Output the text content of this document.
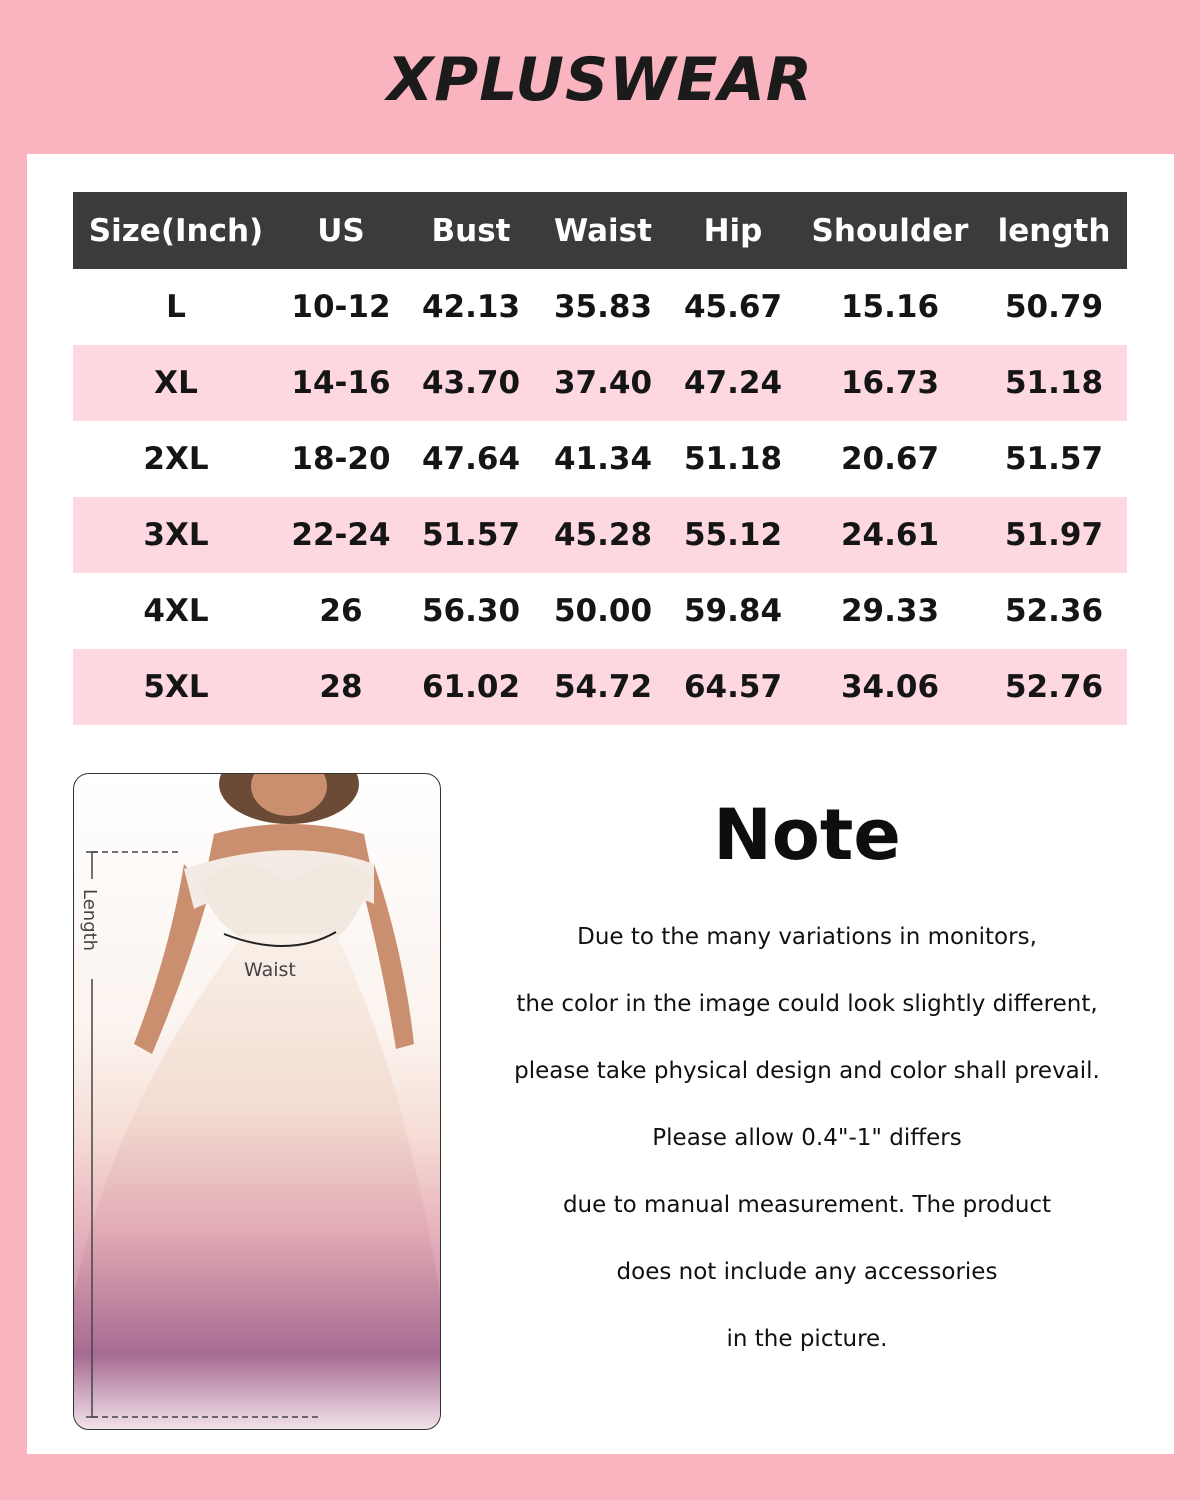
XPLUSWEAR
Size(Inch)	US	Bust	Waist	Hip	Shoulder	length
L	10-12	42.13	35.83	45.67	15.16	50.79
XL	14-16	43.70	37.40	47.24	16.73	51.18
2XL	18-20	47.64	41.34	51.18	20.67	51.57
3XL	22-24	51.57	45.28	55.12	24.61	51.97
4XL	26	56.30	50.00	59.84	29.33	52.36
5XL	28	61.02	54.72	64.57	34.06	52.76
Length
Waist
Note
Due to the many variations in monitors,
the color in the image could look slightly different,
please take physical design and color shall prevail.
Please allow 0.4"-1" differs
due to manual measurement. The product
does not include any accessories
in the picture.
